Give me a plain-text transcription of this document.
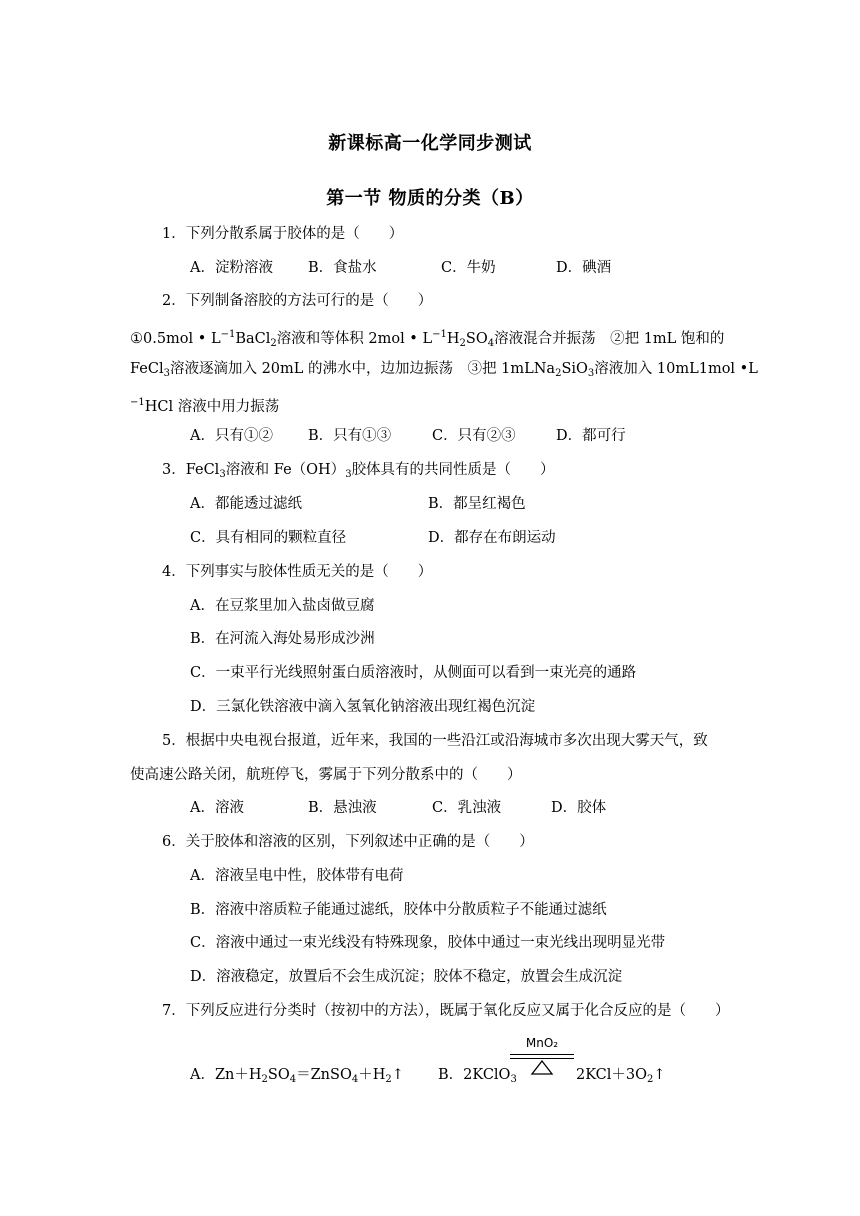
新课标高一化学同步测试
第一节 物质的分类（B）
1．下列分散系属于胶体的是（　　）
A．淀粉溶液 B．食盐水	C．牛奶	D．碘酒
2．下列制备溶胶的方法可行的是（　　）
①0.5mol • $L^{-1}BaCl_2$溶液和等体积 2mol • $L^{-1}H_2SO_4$溶液混合并振荡　②把 1mL 饱和的
FeCl$_3$溶液逐滴加入 20mL 的沸水中，边加边振荡　③把 1mLNa$_2$SiO$_3$溶液加入 10mL1mol •L
$^{-1}$HCl 溶液中用力振荡
A．只有①② B．只有①③	C．只有②③	D．都可行
3．FeCl$_3$溶液和 $Fe(OH)_3$胶体具有的共同性质是（　　）
A．都能透过滤纸	B．都呈红褐色
C．具有相同的颗粒直径	D．都存在布朗运动
4．下列事实与胶体性质无关的是（　　）
A．在豆浆里加入盐卤做豆腐
B．在河流入海处易形成沙洲
C．一束平行光线照射蛋白质溶液时，从侧面可以看到一束光亮的通路
D．三氯化铁溶液中滴入氢氧化钠溶液出现红褐色沉淀
5．根据中央电视台报道，近年来，我国的一些沿江或沿海城市多次出现大雾天气，致
使高速公路关闭，航班停飞，雾属于下列分散系中的（　　）
A．溶液	B．悬浊液	C．乳浊液	D．胶体
6．关于胶体和溶液的区别，下列叙述中正确的是（　　）
A．溶液呈电中性，胶体带有电荷
B．溶液中溶质粒子能通过滤纸，胶体中分散质粒子不能通过滤纸
C．溶液中通过一束光线没有特殊现象，胶体中通过一束光线出现明显光带
D．溶液稳定，放置后不会生成沉淀；胶体不稳定，放置会生成沉淀
7．下列反应进行分类时（按初中的方法），既属于氧化反应又属于化合反应的是（　　）
A．$Zn+H_2SO_4=ZnSO_4+H_2↑$ B．2KClO$_3$
MnO₂
$2KCl+3O_2↑$
